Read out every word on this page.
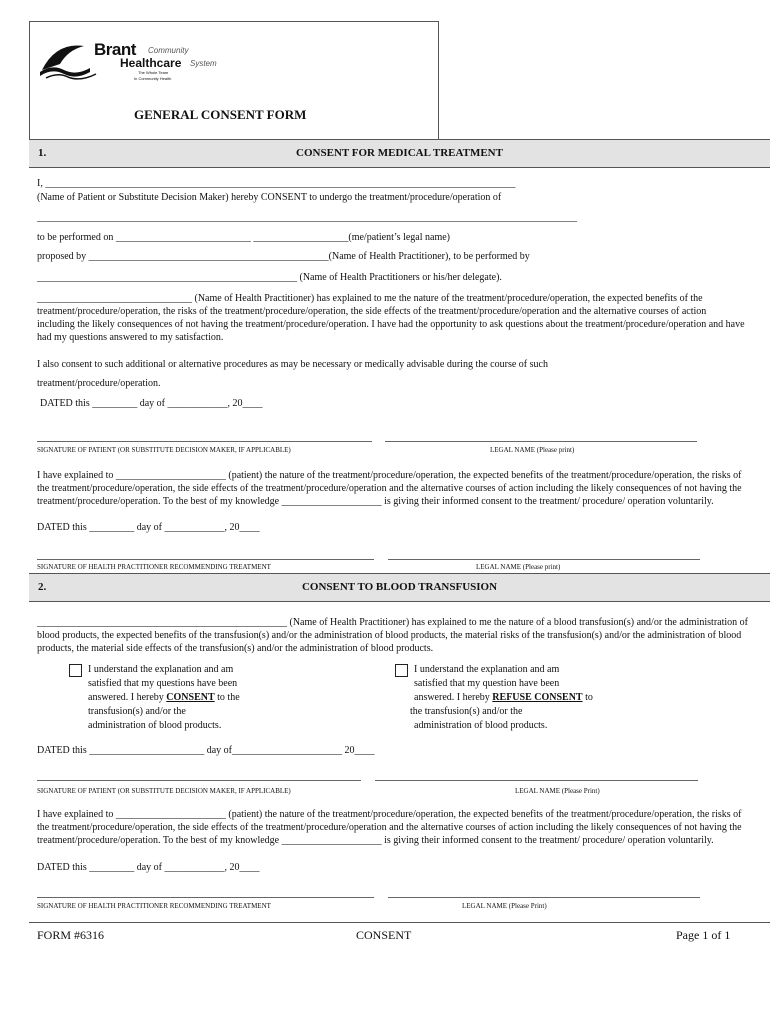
Brant Community
Healthcare System
The Whole Team
In Community Health
GENERAL CONSENT FORM
1.	CONSENT FOR MEDICAL TREATMENT
I, ______________________________________________________________________________________________
(Name of Patient or Substitute Decision Maker) hereby CONSENT to undergo the treatment/procedure/operation of
____________________________________________________________________________________________________________
to be performed on ___________________________ ___________________(me/patient’s legal name)
proposed by ________________________________________________(Name of Health Practitioner), to be performed by
____________________________________________________ (Name of Health Practitioners or his/her delegate).
_______________________________ (Name of Health Practitioner) has explained to me the nature of the treatment/procedure/operation, the expected benefits of the treatment/procedure/operation, the risks of the treatment/procedure/operation, the side effects of the treatment/procedure/operation and the alternative courses of action including the likely consequences of not having the treatment/procedure/operation. I have had the opportunity to ask questions about the treatment/procedure/operation and have had my questions answered to my satisfaction.
I also consent to such additional or alternative procedures as may be necessary or medically advisable during the course of such
treatment/procedure/operation.
DATED this _________ day of ____________, 20____
SIGNATURE OF PATIENT (OR SUBSTITUTE DECISION MAKER, IF APPLICABLE)	LEGAL NAME (Please print)
I have explained to ______________________ (patient) the nature of the treatment/procedure/operation, the expected benefits of the treatment/procedure/operation, the risks of the treatment/procedure/operation, the side effects of the treatment/procedure/operation and the alternative courses of action including the likely consequences of not having the treatment/procedure/operation. To the best of my knowledge ____________________ is giving their informed consent to the treatment/ procedure/ operation voluntarily.
DATED this _________ day of ____________, 20____
SIGNATURE OF HEALTH PRACTITIONER RECOMMENDING TREATMENT	LEGAL NAME (Please print)
2.	CONSENT TO BLOOD TRANSFUSION
__________________________________________________ (Name of Health Practitioner) has explained to me the nature of a blood transfusion(s) and/or the administration of blood products, the expected benefits of the transfusion(s) and/or the administration of blood products, the material risks of the transfusion(s) and/or the administration of blood products, the material side effects of the transfusion(s) and/or the administration of blood products.
I understand the explanation and am
satisfied that my questions have been
answered. I hereby CONSENT to the
transfusion(s) and/or the
administration of blood products.
I understand the explanation and am
satisfied that my question have been
answered. I hereby REFUSE CONSENT to
the transfusion(s) and/or the
administration of blood products.
DATED this _______________________ day of______________________ 20____
SIGNATURE OF PATIENT (OR SUBSTITUTE DECISION MAKER, IF APPLICABLE)	LEGAL NAME (Please Print)
I have explained to ______________________ (patient) the nature of the treatment/procedure/operation, the expected benefits of the treatment/procedure/operation, the risks of the treatment/procedure/operation, the side effects of the treatment/procedure/operation and the alternative courses of action including the likely consequences of not having the treatment/procedure/operation. To the best of my knowledge ____________________ is giving their informed consent to the treatment/ procedure/ operation voluntarily.
DATED this _________ day of ____________, 20____
SIGNATURE OF HEALTH PRACTITIONER RECOMMENDING TREATMENT	LEGAL NAME (Please Print)
FORM #6316	CONSENT	Page 1 of 1
